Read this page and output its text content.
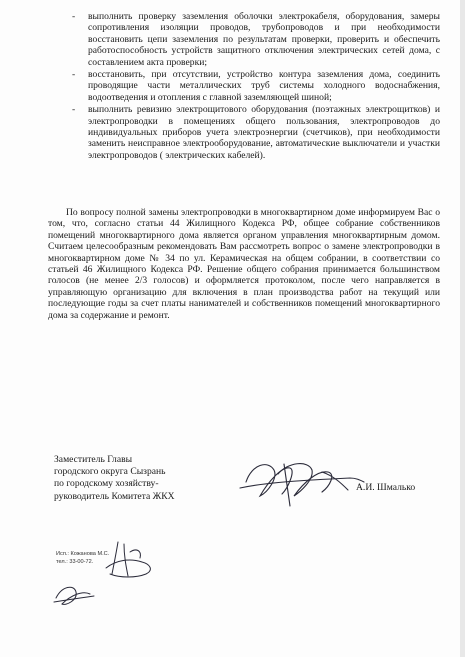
- выполнить проверку заземления оболочки электрокабеля, оборудования, замеры сопротивления изоляции проводов, трубопроводов и при необходимости восстановить цепи заземления по результатам проверки, проверить и обеспечить работоспособность устройств защитного отключения электрических сетей дома, с составлением акта проверки;
- восстановить, при отсутствии, устройство контура заземления дома, соединить проводящие части металлических труб системы холодного водоснабжения, водоотведения и отопления с главной заземляющей шиной;
- выполнить ревизию электрощитового оборудования (поэтажных электрощитков) и электропроводки в помещениях общего пользования, электропроводов до индивидуальных приборов учета электроэнергии (счетчиков), при необходимости заменить неисправное электрооборудование, автоматические выключатели и участки электропроводов ( электрических кабелей).
По вопросу полной замены электропроводки в многоквартирном доме информируем Вас о том, что, согласно статьи 44 Жилищного Кодекса РФ, общее собрание собственников помещений многоквартирного дома является органом управления многоквартирным домом. Считаем целесообразным рекомендовать Вам рассмотреть вопрос о замене электропроводки в многоквартирном доме № 34 по ул. Керамическая на общем собрании, в соответствии со статьей 46 Жилищного Кодекса РФ. Решение общего собрания принимается большинством голосов (не менее 2/3 голосов) и оформляется протоколом, после чего направляется в управляющую организацию для включения в план производства работ на текущий или последующие годы за счет платы нанимателей и собственников помещений многоквартирного дома за содержание и ремонт.
Заместитель Главы
городского округа Сызрань
по городскому хозяйству-
руководитель Комитета ЖКХ
А.И. Шмалько
Исп.: Кожанова М.С.
тел.: 33-00-72.
